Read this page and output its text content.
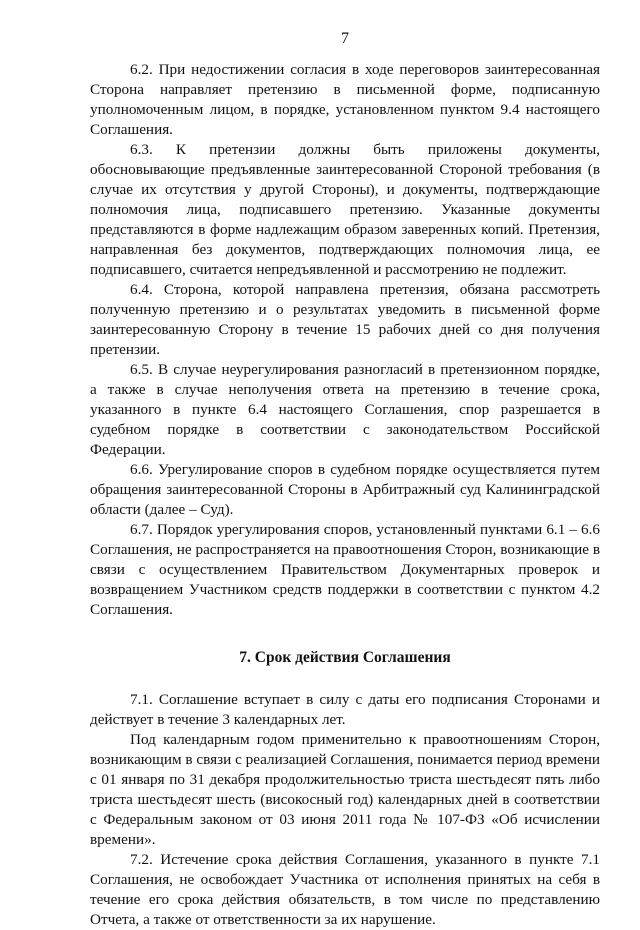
7

6.2. При недостижении согласия в ходе переговоров заинтересованная Сторона направляет претензию в письменной форме, подписанную уполномоченным лицом, в порядке, установленном пунктом 9.4 настоящего Соглашения.

6.3. К претензии должны быть приложены документы, обосновывающие предъявленные заинтересованной Стороной требования (в случае их отсутствия у другой Стороны), и документы, подтверждающие полномочия лица, подписавшего претензию. Указанные документы представляются в форме надлежащим образом заверенных копий. Претензия, направленная без документов, подтверждающих полномочия лица, ее подписавшего, считается непредъявленной и рассмотрению не подлежит.

6.4. Сторона, которой направлена претензия, обязана рассмотреть полученную претензию и о результатах уведомить в письменной форме заинтересованную Сторону в течение 15 рабочих дней со дня получения претензии.

6.5. В случае неурегулирования разногласий в претензионном порядке, а также в случае неполучения ответа на претензию в течение срока, указанного в пункте 6.4 настоящего Соглашения, спор разрешается в судебном порядке в соответствии с законодательством Российской Федерации.

6.6. Урегулирование споров в судебном порядке осуществляется путем обращения заинтересованной Стороны в Арбитражный суд Калининградской области (далее – Суд).

6.7. Порядок урегулирования споров, установленный пунктами 6.1 – 6.6 Соглашения, не распространяется на правоотношения Сторон, возникающие в связи с осуществлением Правительством Документарных проверок и возвращением Участником средств поддержки в соответствии с пунктом 4.2 Соглашения.

7. Срок действия Соглашения

7.1. Соглашение вступает в силу с даты его подписания Сторонами и действует в течение 3 календарных лет.

Под календарным годом применительно к правоотношениям Сторон, возникающим в связи с реализацией Соглашения, понимается период времени с 01 января по 31 декабря продолжительностью триста шестьдесят пять либо триста шестьдесят шесть (високосный год) календарных дней в соответствии с Федеральным законом от 03 июня 2011 года № 107-ФЗ «Об исчислении времени».

7.2. Истечение срока действия Соглашения, указанного в пункте 7.1 Соглашения, не освобождает Участника от исполнения принятых на себя в течение его срока действия обязательств, в том числе по представлению Отчета, а также от ответственности за их нарушение.
